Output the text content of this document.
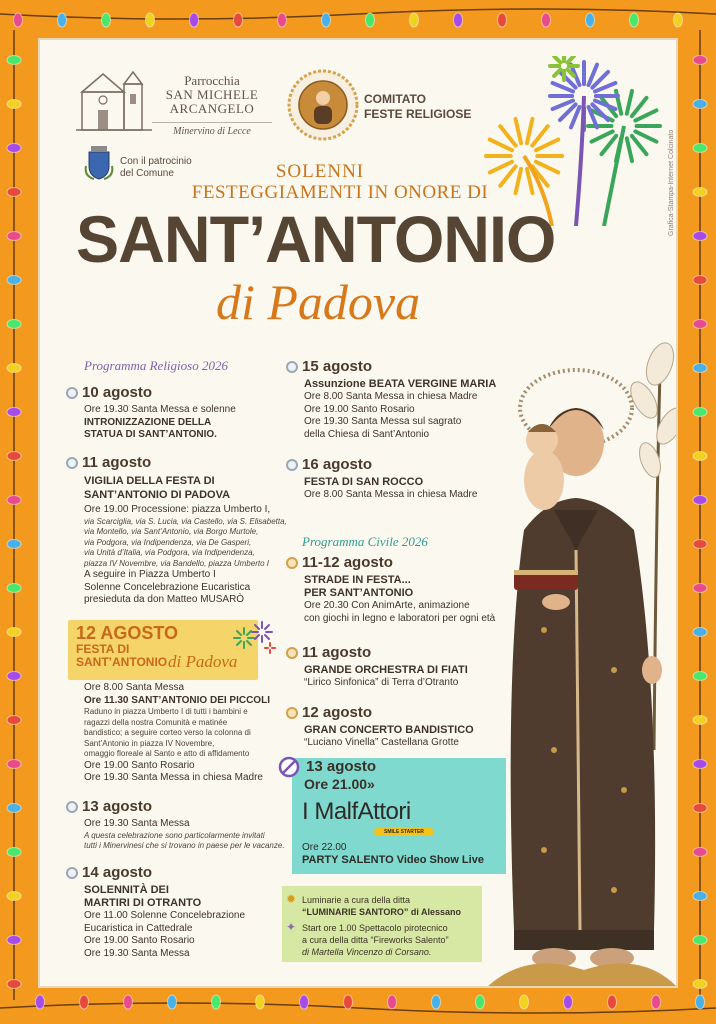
Parrocchia
SAN MICHELE
ARCANGELO
Minervino di Lecce
COMITATO
FESTE RELIGIOSE
Con il patrocinio
del Comune	Grafica-Stampa-Internet Colcinato
SOLENNI
FESTEGGIAMENTI IN ONORE DI
SANT’ANTONIO
di Padova
Programma Religioso 2026
10 agosto

Ore 19.30 Santa Messa e solenne

INTRONIZZAZIONE DELLA

STATUA DI SANT’ANTONIO.

11 agosto

VIGILIA DELLA FESTA DI

SANT’ANTONIO DI PADOVA

Ore 19.00 Processione: piazza Umberto I,

via Scarciglia, via S. Lucia, via Castello, via S. Elisabetta,

via Montello, via Sant’Antonio, via Borgo Murtole,

via Podgora, via Indipendenza, via De Gasperi,

via Unità d’Italia, via Podgora, via Indipendenza,

piazza IV Novembre, via Bandello, piazza Umberto I

A seguire in Piazza Umberto I

Solenne Concelebrazione Eucaristica

presieduta da don Matteo MUSARÒ

12 AGOSTO
FESTA DI
SANT’ANTONIO di Padova

Ore 8.00 Santa Messa

Ore 11.30 SANT’ANTONIO DEI PICCOLI

Raduno in piazza Umberto I di tutti i bambini e

ragazzi della nostra Comunità e matinée

bandistico; a seguire corteo verso la colonna di

Sant’Antonio in piazza IV Novembre,

omaggio floreale al Santo e atto di affidamento

Ore 19.00 Santo Rosario

Ore 19.30 Santa Messa in chiesa Madre

13 agosto

Ore 19.30 Santa Messa

A questa celebrazione sono particolarmente invitati

tutti i Minervinesi che si trovano in paese per le vacanze.

14 agosto

SOLENNITÀ DEI

MARTIRI DI OTRANTO

Ore 11.00 Solenne Concelebrazione

Eucaristica in Cattedrale

Ore 19.00 Santo Rosario

Ore 19.30 Santa Messa

15 agosto

Assunzione BEATA VERGINE MARIA

Ore 8.00 Santa Messa in chiesa Madre

Ore 19.00 Santo Rosario

Ore 19.30 Santa Messa sul sagrato

della Chiesa di Sant’Antonio

16 agosto

FESTA DI SAN ROCCO

Ore 8.00 Santa Messa in chiesa Madre

Programma Civile 2026
11-12 agosto

STRADE IN FESTA...

PER SANT’ANTONIO

Ore 20.30 Con AnimArte, animazione

con giochi in legno e laboratori per ogni età

11 agosto

GRANDE ORCHESTRA DI FIATI

“Lirico Sinfonica” di Terra d’Otranto

12 agosto

GRAN CONCERTO BANDISTICO

“Luciano Vinella” Castellana Grotte

13 agosto
Ore 21.00»
I MalfAttori
SMILE STARTER
Ore 22.00
PARTY SALENTO Video Show Live
✹ Luminarie a cura della ditta
“LUMINARIE SANTORO” di Alessano
✦ Start ore 1.00 Spettacolo pirotecnico
a cura della ditta “Fireworks Salento”
di Martella Vincenzo di Corsano.
